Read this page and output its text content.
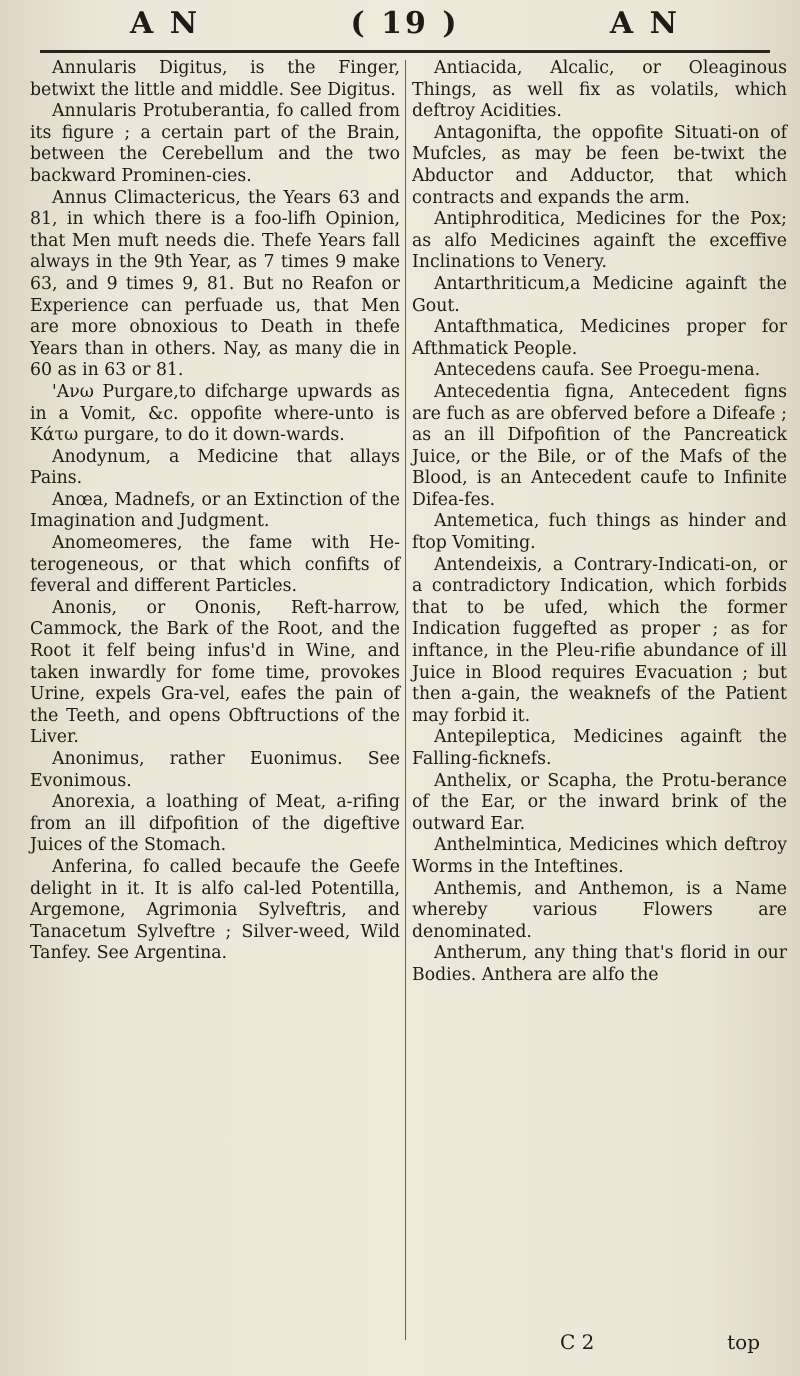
A N	( 19 )	A N

Annularis Digitus, is the Finger, betwixt the little and middle. See Digitus.

Annularis Protuberantia, fo called from its figure ; a certain part of the Brain, between the Cerebellum and the two backward Prominen-cies.

Annus Climactericus, the Years 63 and 81, in which there is a foo-lifh Opinion, that Men muft needs die. Thefe Years fall always in the 9th Year, as 7 times 9 make 63, and 9 times 9, 81. But no Reafon or Experience can perfuade us, that Men are more obnoxious to Death in thefe Years than in others. Nay, as many die in 60 as in 63 or 81.

'Ανω Purgare,to difcharge upwards as in a Vomit, &c. oppofite where-unto is Κάτω purgare, to do it down-wards.

Anodynum, a Medicine that allays Pains.

Anœa, Madnefs, or an Extinction of the Imagination and Judgment.

Anomeomeres, the fame with He-terogeneous, or that which confifts of feveral and different Particles.

Anonis, or Ononis, Reft-harrow, Cammock, the Bark of the Root, and the Root it felf being infus'd in Wine, and taken inwardly for fome time, provokes Urine, expels Gra-vel, eafes the pain of the Teeth, and opens Obftructions of the Liver.

Anonimus, rather Euonimus. See Evonimous.

Anorexia, a loathing of Meat, a-rifing from an ill difpofition of the digeftive Juices of the Stomach.

Anferina, fo called becaufe the Geefe delight in it. It is alfo cal-led Potentilla, Argemone, Agrimonia Sylveftris, and Tanacetum Sylveftre ; Silver-weed, Wild Tanfey. See Argentina.

Antiacida, Alcalic, or Oleaginous Things, as well fix as volatils, which deftroy Acidities.

Antagonifta, the oppofite Situati-on of Mufcles, as may be feen be-twixt the Abductor and Adductor, that which contracts and expands the arm.

Antiphroditica, Medicines for the Pox; as alfo Medicines againft the exceffive Inclinations to Venery.

Antarthriticum,a Medicine againft the Gout.

Antafthmatica, Medicines proper for Afthmatick People.

Antecedens caufa. See Proegu-mena.

Antecedentia figna, Antecedent figns are fuch as are obferved before a Difeafe ; as an ill Difpofition of the Pancreatick Juice, or the Bile, or of the Mafs of the Blood, is an Antecedent caufe to Infinite Difea-fes.

Antemetica, fuch things as hinder and ftop Vomiting.

Antendeixis, a Contrary-Indicati-on, or a contradictory Indication, which forbids that to be ufed, which the former Indication fuggefted as proper ; as for inftance, in the Pleu-rifie abundance of ill Juice in Blood requires Evacuation ; but then a-gain, the weaknefs of the Patient may forbid it.

Antepileptica, Medicines againft the Falling-ficknefs.

Anthelix, or Scapha, the Protu-berance of the Ear, or the inward brink of the outward Ear.

Anthelmintica, Medicines which deftroy Worms in the Inteftines.

Anthemis, and Anthemon, is a Name whereby various Flowers are denominated.

Antherum, any thing that's florid in our Bodies. Anthera are alfo the

C 2	top
